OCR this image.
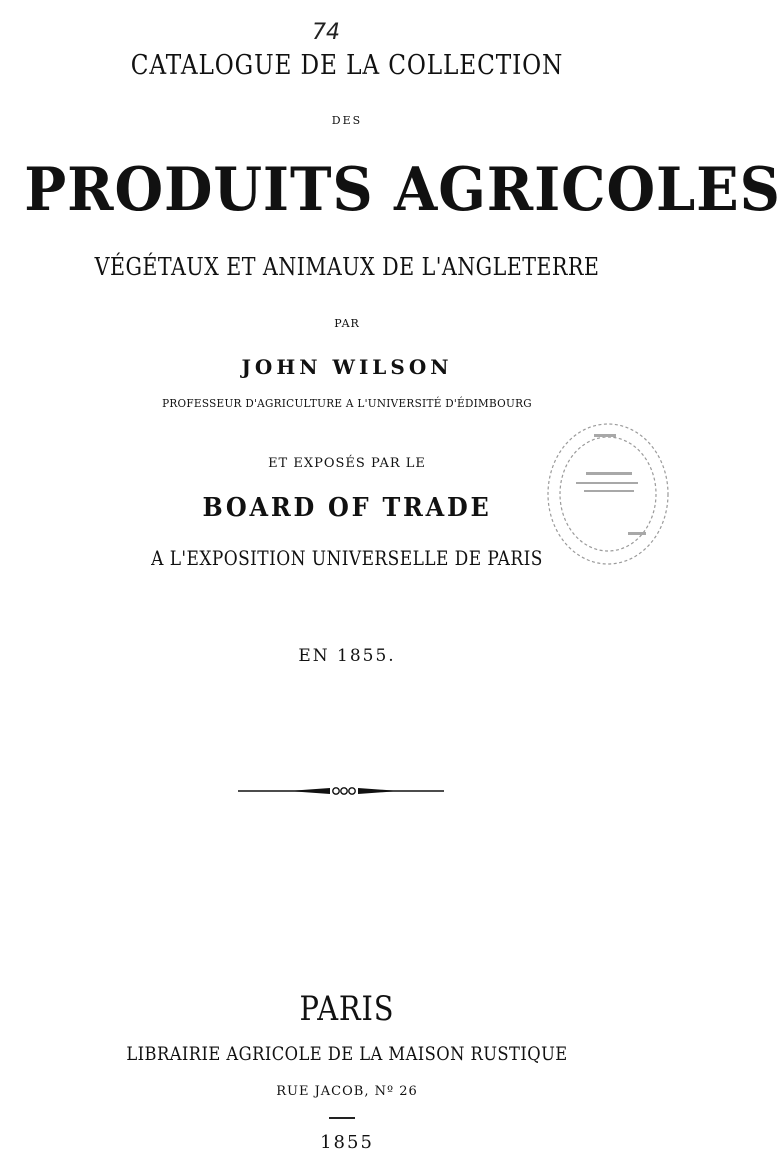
74
CATALOGUE DE LA COLLECTION
DES
PRODUITS AGRICOLES
VÉGÉTAUX ET ANIMAUX DE L'ANGLETERRE
PAR
JOHN WILSON
PROFESSEUR D'AGRICULTURE A L'UNIVERSITÉ D'ÉDIMBOURG
ET EXPOSÉS PAR LE
BOARD OF TRADE
A L'EXPOSITION UNIVERSELLE DE PARIS
EN 1855.
PARIS
LIBRAIRIE AGRICOLE DE LA MAISON RUSTIQUE
RUE JACOB, Nº 26
1855
